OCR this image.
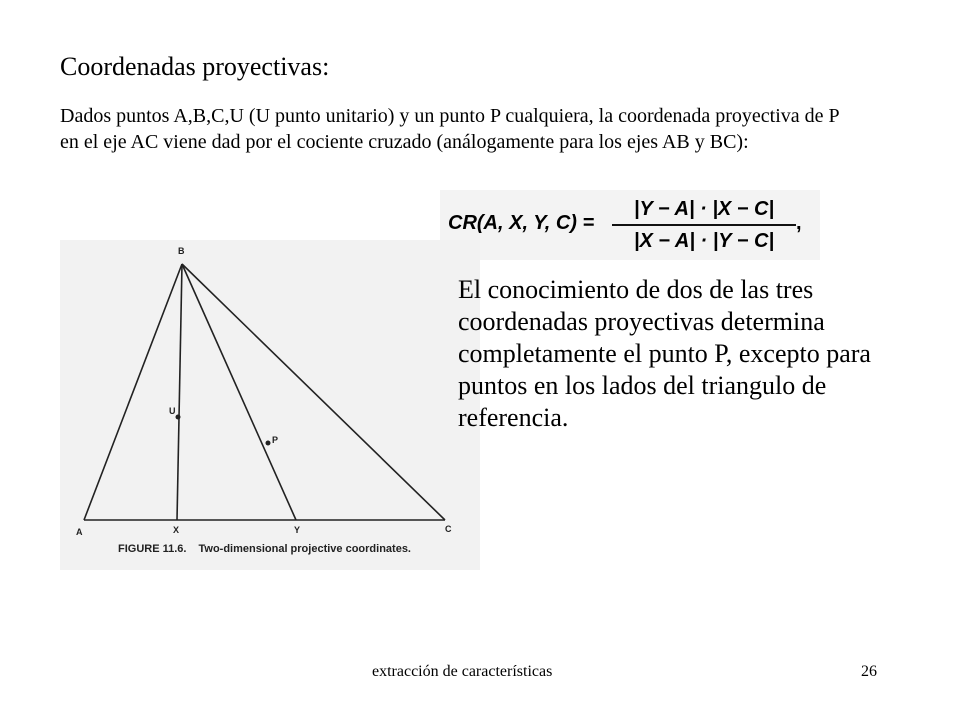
Coordenadas proyectivas:
Dados puntos A,B,C,U (U punto unitario) y un punto P cualquiera, la coordenada proyectiva de P en el eje AC viene dad por el cociente cruzado (análogamente para los ejes AB y BC):
CR(A, X, Y, C) =
|Y − A| · |X − C|
|X − A| · |Y − C|
,
B
A	C
U
P
X	Y
FIGURE 11.6. Two-dimensional projective coordinates.
El conocimiento de dos de las tres coordenadas proyectivas determina completamente el punto P, excepto para puntos en los lados del triangulo de referencia.
extracción de características	26
